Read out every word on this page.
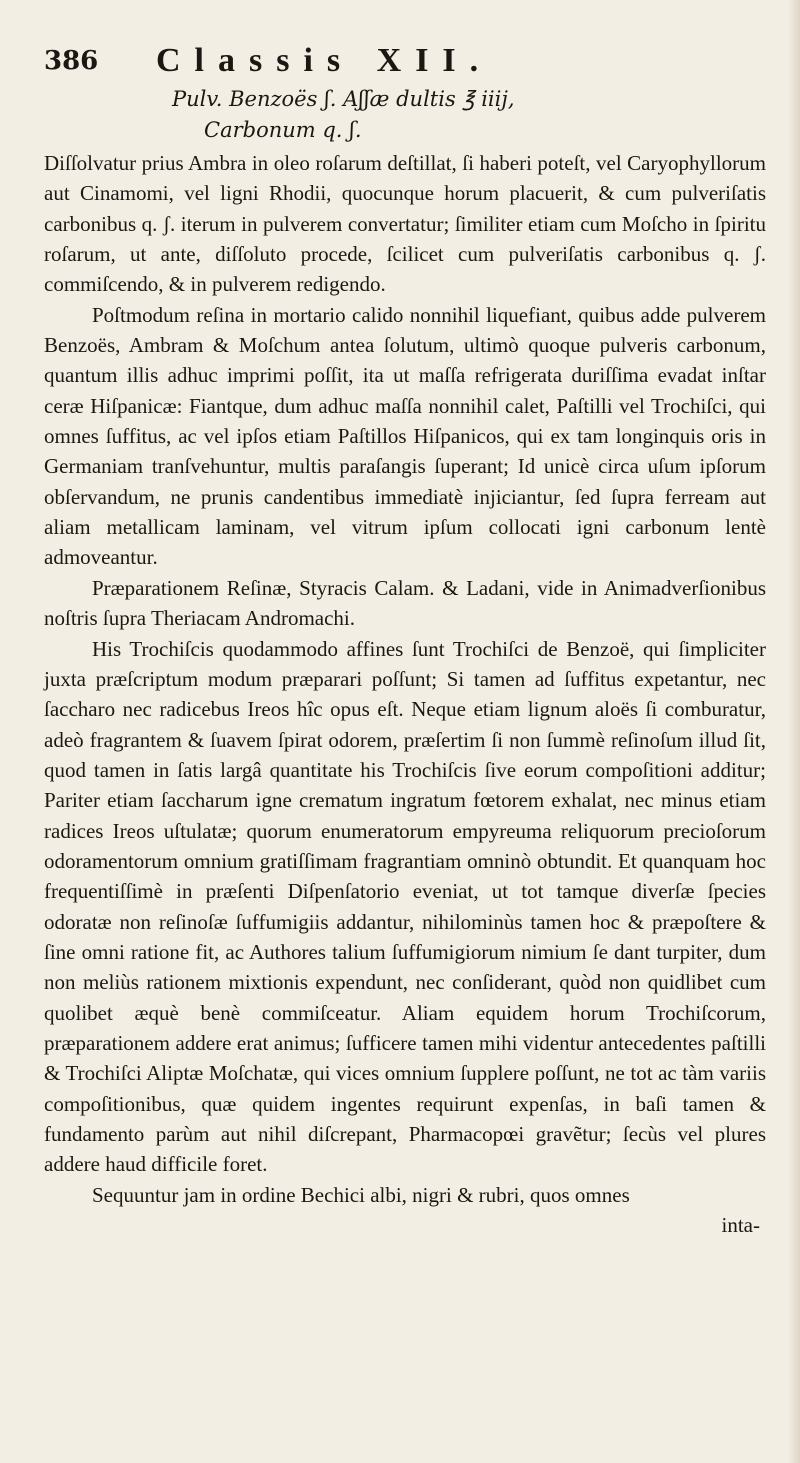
386 Classis XII.
Pulv. Benzoës ʃ. Aʃʃæ dultis ℥ iiij,
Carbonum q. ʃ.

Diſſolvatur prius Ambra in oleo roſarum deſtillat, ſi haberi poteſt, vel Caryophyllorum aut Cinamomi, vel ligni Rhodii, quocunque horum placuerit, & cum pulveriſatis carbonibus q. ʃ. iterum in pulverem convertatur; ſimiliter etiam cum Moſcho in ſpiritu roſarum, ut ante, diſſoluto procede, ſcilicet cum pulveriſatis carbonibus q. ʃ. commiſcendo, & in pulverem redigendo.

Poſtmodum reſina in mortario calido nonnihil liquefiant, quibus adde pulverem Benzoës, Ambram & Moſchum antea ſolutum, ultimò quoque pulveris carbonum, quantum illis adhuc imprimi poſſit, ita ut maſſa refrigerata duriſſima evadat inſtar ceræ Hiſpanicæ: Fiantque, dum adhuc maſſa nonnihil calet, Paſtilli vel Trochiſci, qui omnes ſuffitus, ac vel ipſos etiam Paſtillos Hiſpanicos, qui ex tam longinquis oris in Germaniam tranſvehuntur, multis paraſangis ſuperant; Id unicè circa uſum ipſorum obſervandum, ne prunis candentibus immediatè injiciantur, ſed ſupra ferream aut aliam metallicam laminam, vel vitrum ipſum collocati igni carbonum lentè admoveantur.

Præparationem Reſinæ, Styracis Calam. & Ladani, vide in Animadverſionibus noſtris ſupra Theriacam Andromachi.

His Trochiſcis quodammodo affines ſunt Trochiſci de Benzoë, qui ſimpliciter juxta præſcriptum modum præparari poſſunt; Si tamen ad ſuffitus expetantur, nec ſaccharo nec radicebus Ireos hîc opus eſt. Neque etiam lignum aloës ſi comburatur, adeò fragrantem & ſuavem ſpirat odorem, præſertim ſi non ſummè reſinoſum illud ſit, quod tamen in ſatis largâ quantitate his Trochiſcis ſive eorum compoſitioni additur; Pariter etiam ſaccharum igne crematum ingratum fœtorem exhalat, nec minus etiam radices Ireos uſtulatæ; quorum enumeratorum empyreuma reliquorum precioſorum odoramentorum omnium gratiſſimam fragrantiam omninò obtundit. Et quanquam hoc frequentiſſimè in præſenti Diſpenſatorio eveniat, ut tot tamque diverſæ ſpecies odoratæ non reſinoſæ ſuffumigiis addantur, nihilominùs tamen hoc & præpoſtere & ſine omni ratione fit, ac Authores talium ſuffumigiorum nimium ſe dant turpiter, dum non meliùs rationem mixtionis expendunt, nec conſiderant, quòd non quidlibet cum quolibet æquè benè commiſceatur. Aliam equidem horum Trochiſcorum, præparationem addere erat animus; ſufficere tamen mihi videntur antecedentes paſtilli & Trochiſci Aliptæ Moſchatæ, qui vices omnium ſupplere poſſunt, ne tot ac tàm variis compoſitionibus, quæ quidem ingentes requirunt expenſas, in baſi tamen & fundamento parùm aut nihil diſcrepant, Pharmacopœi gravẽtur; ſecùs vel plures addere haud difficile foret.

Sequuntur jam in ordine Bechici albi, nigri & rubri, quos omnes

inta-
